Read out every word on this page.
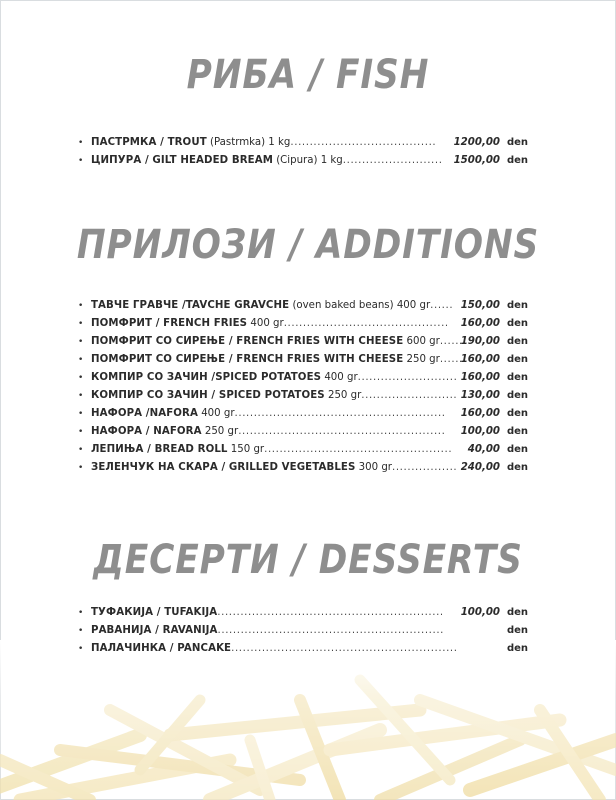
РИБА / FISH
• ПАСТРМКА / TROUT (Pastrmka) 1 kg...................................... 1200,00 den
• ЦИПУРА / GILT HEADED BREAM (Cipura) 1 kg.......................... 1500,00 den
ПРИЛОЗИ / ADDITIONS
• ТАВЧЕ ГРАВЧЕ /TAVCHE GRAVCHE (oven baked beans) 400 gr...... 150,00 den
• ПОМФРИТ / FRENCH FRIES 400 gr........................................... 160,00 den
• ПОМФРИТ СО СИРЕЊЕ / FRENCH FRIES WITH CHEESE 600 gr......
190,00 den
• ПОМФРИТ СО СИРЕЊЕ / FRENCH FRIES WITH CHEESE 250 gr......
160,00 den
• КОМПИР СО ЗАЧИН /SPICED POTATOES 400 gr.......................... 160,00 den
• КОМПИР СО ЗАЧИН / SPICED POTATOES 250 gr......................... 130,00 den
• НАФОРА /NAFORA 400 gr....................................................... 160,00 den
• НАФОРА / NAFORA 250 gr...................................................... 100,00 den
• ЛЕПИЊА / BREAD ROLL 150 gr................................................. 40,00 den
• ЗЕЛЕНЧУК НА СКАРА / GRILLED VEGETABLES 300 gr................. 240,00 den
ДЕСЕРТИ / DESSERTS
• ТУФАКИЈА / TUFAKIJA........................................................... 100,00 den
• РАВАНИЈА / RAVANIJA...........................................................	den
• ПАЛАЧИНКА / PANCAKE...........................................................	den
